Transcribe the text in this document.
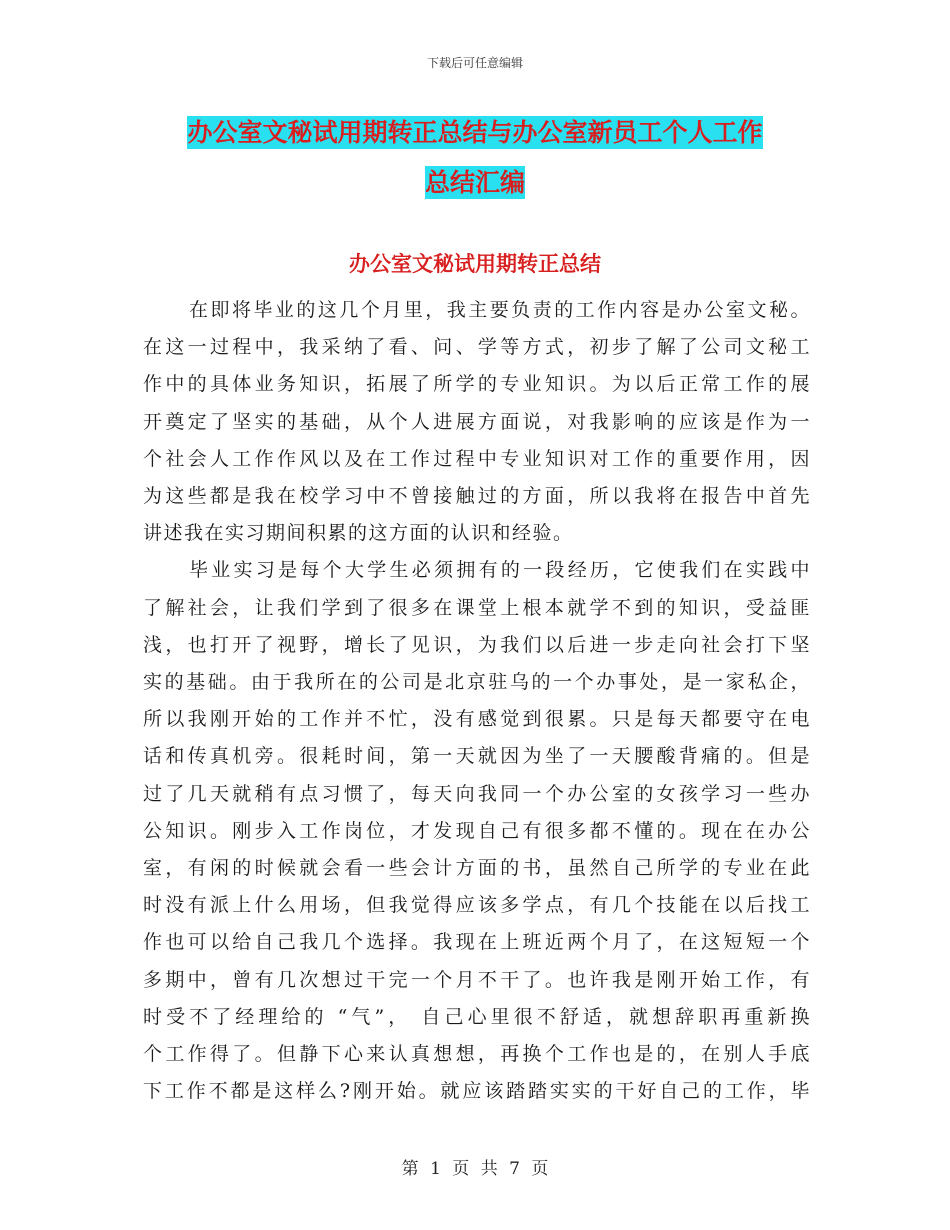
下载后可任意编辑
办公室文秘试用期转正总结与办公室新员工个人工作
总结汇编
办公室文秘试用期转正总结
在即将毕业的这几个月里，我主要负责的工作内容是办公室文秘。
在这一过程中，我采纳了看、问、学等方式，初步了解了公司文秘工
作中的具体业务知识，拓展了所学的专业知识。为以后正常工作的展
开奠定了坚实的基础，从个人进展方面说，对我影响的应该是作为一
个社会人工作作风以及在工作过程中专业知识对工作的重要作用，因
为这些都是我在校学习中不曾接触过的方面，所以我将在报告中首先
讲述我在实习期间积累的这方面的认识和经验。
毕业实习是每个大学生必须拥有的一段经历，它使我们在实践中
了解社会，让我们学到了很多在课堂上根本就学不到的知识，受益匪
浅，也打开了视野，增长了见识，为我们以后进一步走向社会打下坚
实的基础。由于我所在的公司是北京驻乌的一个办事处，是一家私企，
所以我刚开始的工作并不忙，没有感觉到很累。只是每天都要守在电
话和传真机旁。很耗时间，第一天就因为坐了一天腰酸背痛的。但是
过了几天就稍有点习惯了，每天向我同一个办公室的女孩学习一些办
公知识。刚步入工作岗位，才发现自己有很多都不懂的。现在在办公
室，有闲的时候就会看一些会计方面的书，虽然自己所学的专业在此
时没有派上什么用场，但我觉得应该多学点，有几个技能在以后找工
作也可以给自己我几个选择。我现在上班近两个月了，在这短短一个
多期中，曾有几次想过干完一个月不干了。也许我是刚开始工作，有
时受不了经理给的 “气”， 自己心里很不舒适，就想辞职再重新换
个工作得了。但静下心来认真想想，再换个工作也是的，在别人手底
下工作不都是这样么?刚开始。就应该踏踏实实的干好自己的工作，毕
第 1 页 共 7 页
